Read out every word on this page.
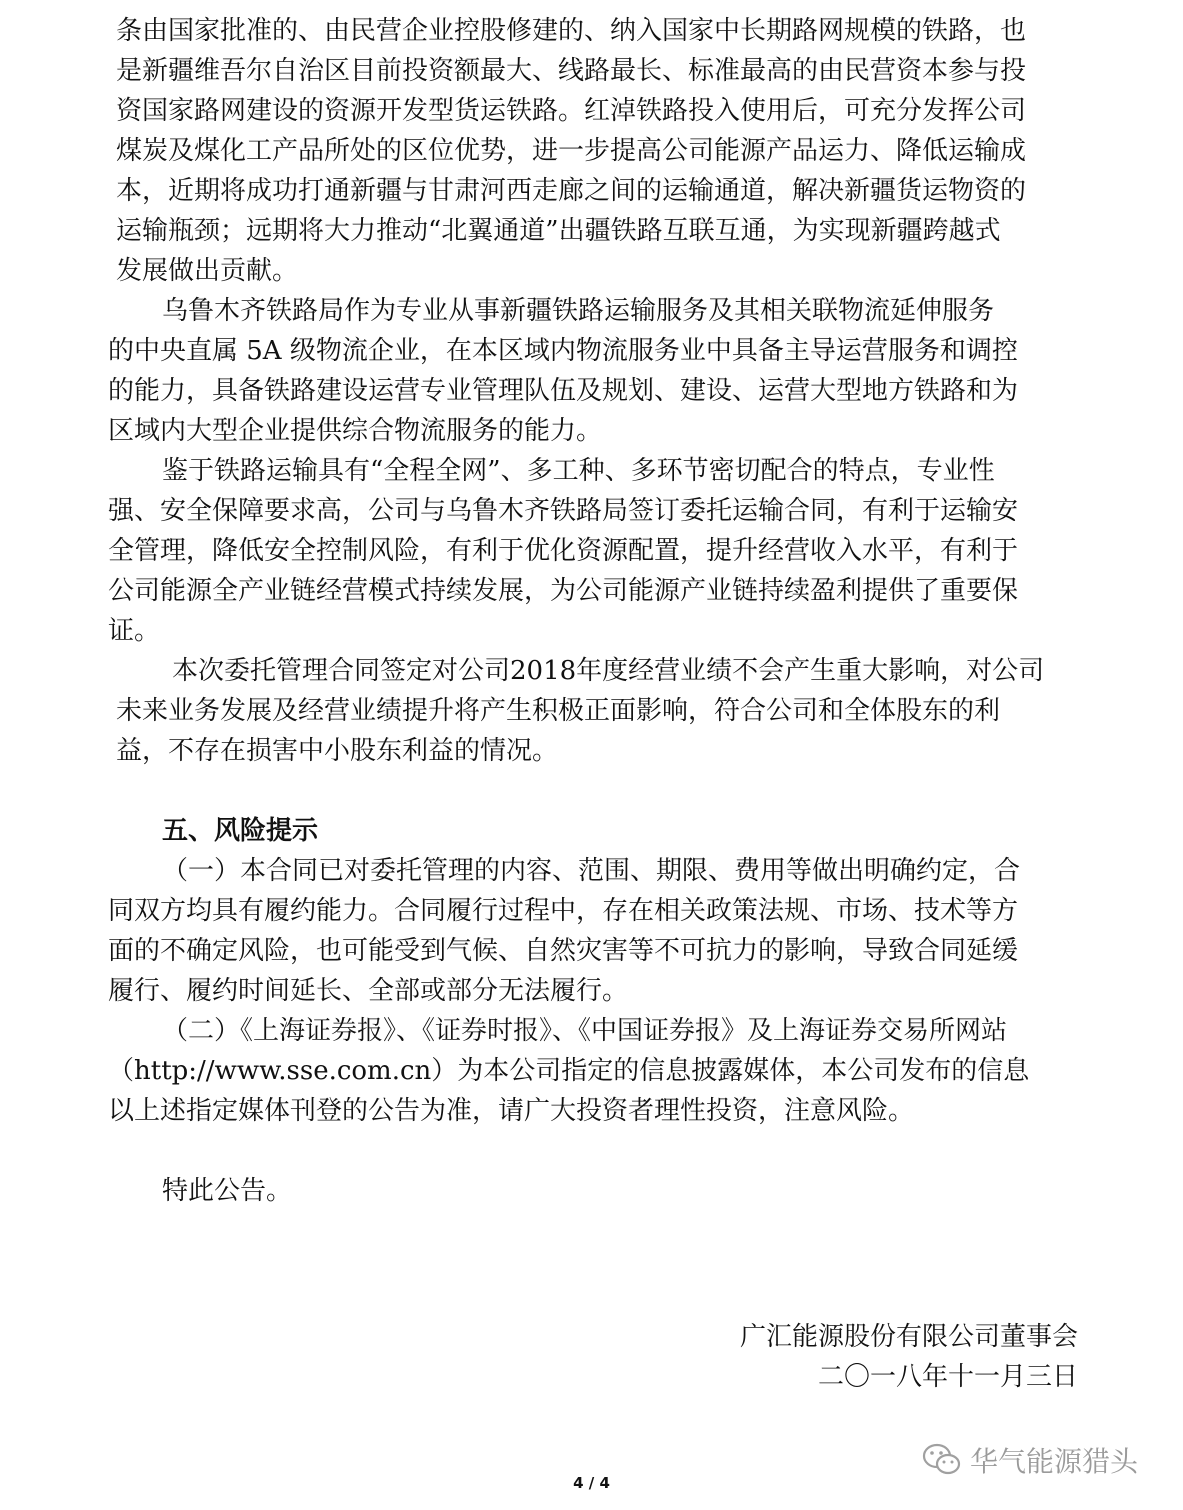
条由国家批准的、由民营企业控股修建的、纳入国家中长期路网规模的铁路，也

是新疆维吾尔自治区目前投资额最大、线路最长、标准最高的由民营资本参与投

资国家路网建设的资源开发型货运铁路。红淖铁路投入使用后，可充分发挥公司

煤炭及煤化工产品所处的区位优势，进一步提高公司能源产品运力、降低运输成

本，近期将成功打通新疆与甘肃河西走廊之间的运输通道，解决新疆货运物资的

运输瓶颈；远期将大力推动“北翼通道”出疆铁路互联互通，为实现新疆跨越式

发展做出贡献。

乌鲁木齐铁路局作为专业从事新疆铁路运输服务及其相关联物流延伸服务

的中央直属 5A 级物流企业，在本区域内物流服务业中具备主导运营服务和调控

的能力，具备铁路建设运营专业管理队伍及规划、建设、运营大型地方铁路和为

区域内大型企业提供综合物流服务的能力。

鉴于铁路运输具有“全程全网”、多工种、多环节密切配合的特点，专业性

强、安全保障要求高，公司与乌鲁木齐铁路局签订委托运输合同，有利于运输安

全管理，降低安全控制风险，有利于优化资源配置，提升经营收入水平，有利于

公司能源全产业链经营模式持续发展，为公司能源产业链持续盈利提供了重要保

证。

本次委托管理合同签定对公司2018年度经营业绩不会产生重大影响，对公司

未来业务发展及经营业绩提升将产生积极正面影响，符合公司和全体股东的利

益，不存在损害中小股东利益的情况。

五、风险提示

（一）本合同已对委托管理的内容、范围、期限、费用等做出明确约定，合

同双方均具有履约能力。合同履行过程中，存在相关政策法规、市场、技术等方

面的不确定风险，也可能受到气候、自然灾害等不可抗力的影响，导致合同延缓

履行、履约时间延长、全部或部分无法履行。

（二）《上海证券报》、《证券时报》、《中国证券报》及上海证券交易所网站

（http://www.sse.com.cn）为本公司指定的信息披露媒体，本公司发布的信息

以上述指定媒体刊登的公告为准，请广大投资者理性投资，注意风险。

特此公告。

广汇能源股份有限公司董事会

二〇一八年十一月三日

华气能源猎头
4 / 4
